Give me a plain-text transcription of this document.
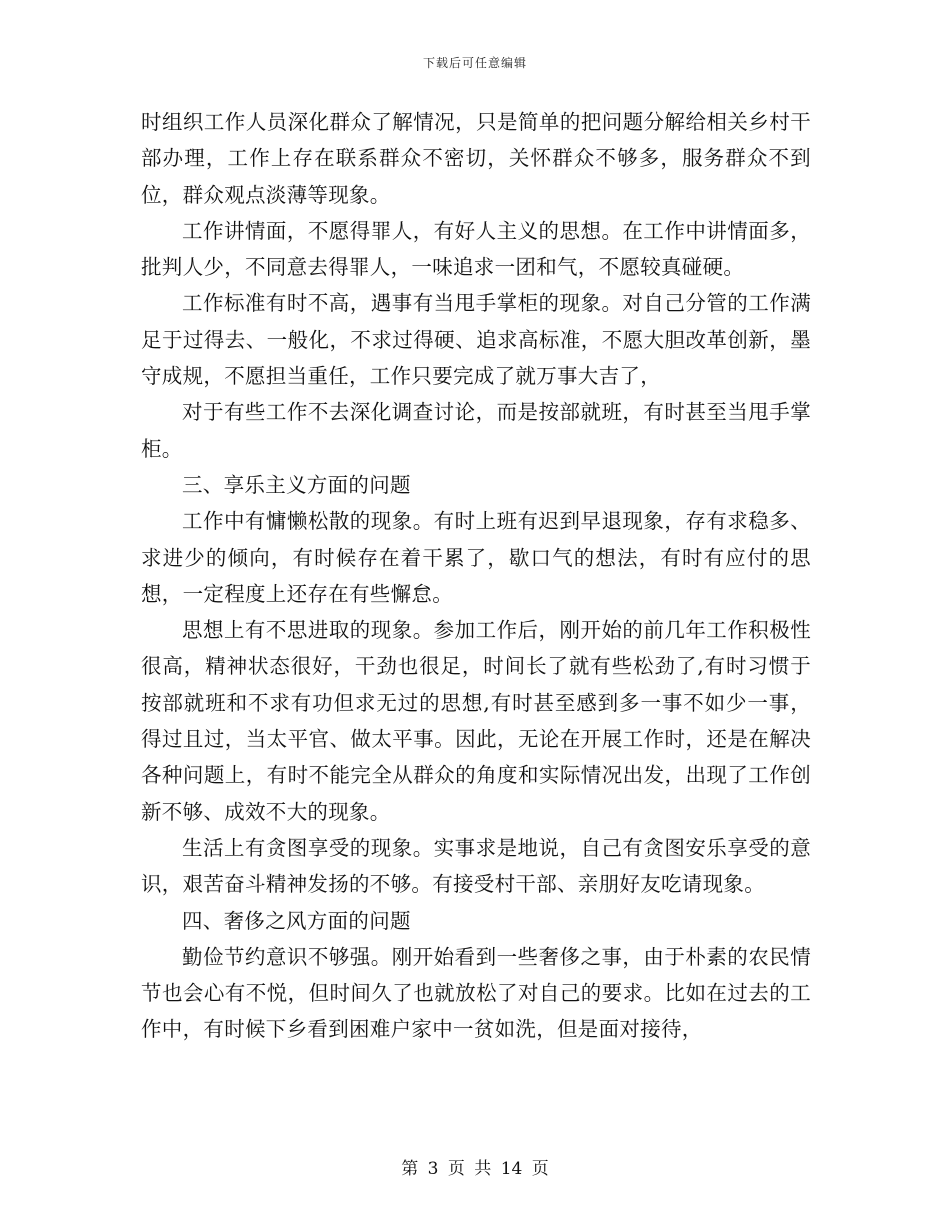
下载后可任意编辑

时组织工作人员深化群众了解情况，只是简单的把问题分解给相关乡村干部办理，工作上存在联系群众不密切，关怀群众不够多，服务群众不到位，群众观点淡薄等现象。

工作讲情面，不愿得罪人，有好人主义的思想。在工作中讲情面多，批判人少，不同意去得罪人，一味追求一团和气，不愿较真碰硬。

工作标准有时不高，遇事有当甩手掌柜的现象。对自己分管的工作满足于过得去、一般化，不求过得硬、追求高标准，不愿大胆改革创新，墨守成规，不愿担当重任，工作只要完成了就万事大吉了，

对于有些工作不去深化调查讨论，而是按部就班，有时甚至当甩手掌柜。

三、享乐主义方面的问题

工作中有慵懒松散的现象。有时上班有迟到早退现象，存有求稳多、求进少的倾向，有时候存在着干累了，歇口气的想法，有时有应付的思想，一定程度上还存在有些懈怠。

思想上有不思进取的现象。参加工作后，刚开始的前几年工作积极性很高，精神状态很好，干劲也很足，时间长了就有些松劲了,有时习惯于按部就班和不求有功但求无过的思想,有时甚至感到多一事不如少一事，得过且过，当太平官、做太平事。因此，无论在开展工作时，还是在解决各种问题上，有时不能完全从群众的角度和实际情况出发，出现了工作创新不够、成效不大的现象。

生活上有贪图享受的现象。实事求是地说，自己有贪图安乐享受的意识，艰苦奋斗精神发扬的不够。有接受村干部、亲朋好友吃请现象。

四、奢侈之风方面的问题

勤俭节约意识不够强。刚开始看到一些奢侈之事，由于朴素的农民情节也会心有不悦，但时间久了也就放松了对自己的要求。比如在过去的工作中，有时候下乡看到困难户家中一贫如洗，但是面对接待，

第 3 页 共 14 页
